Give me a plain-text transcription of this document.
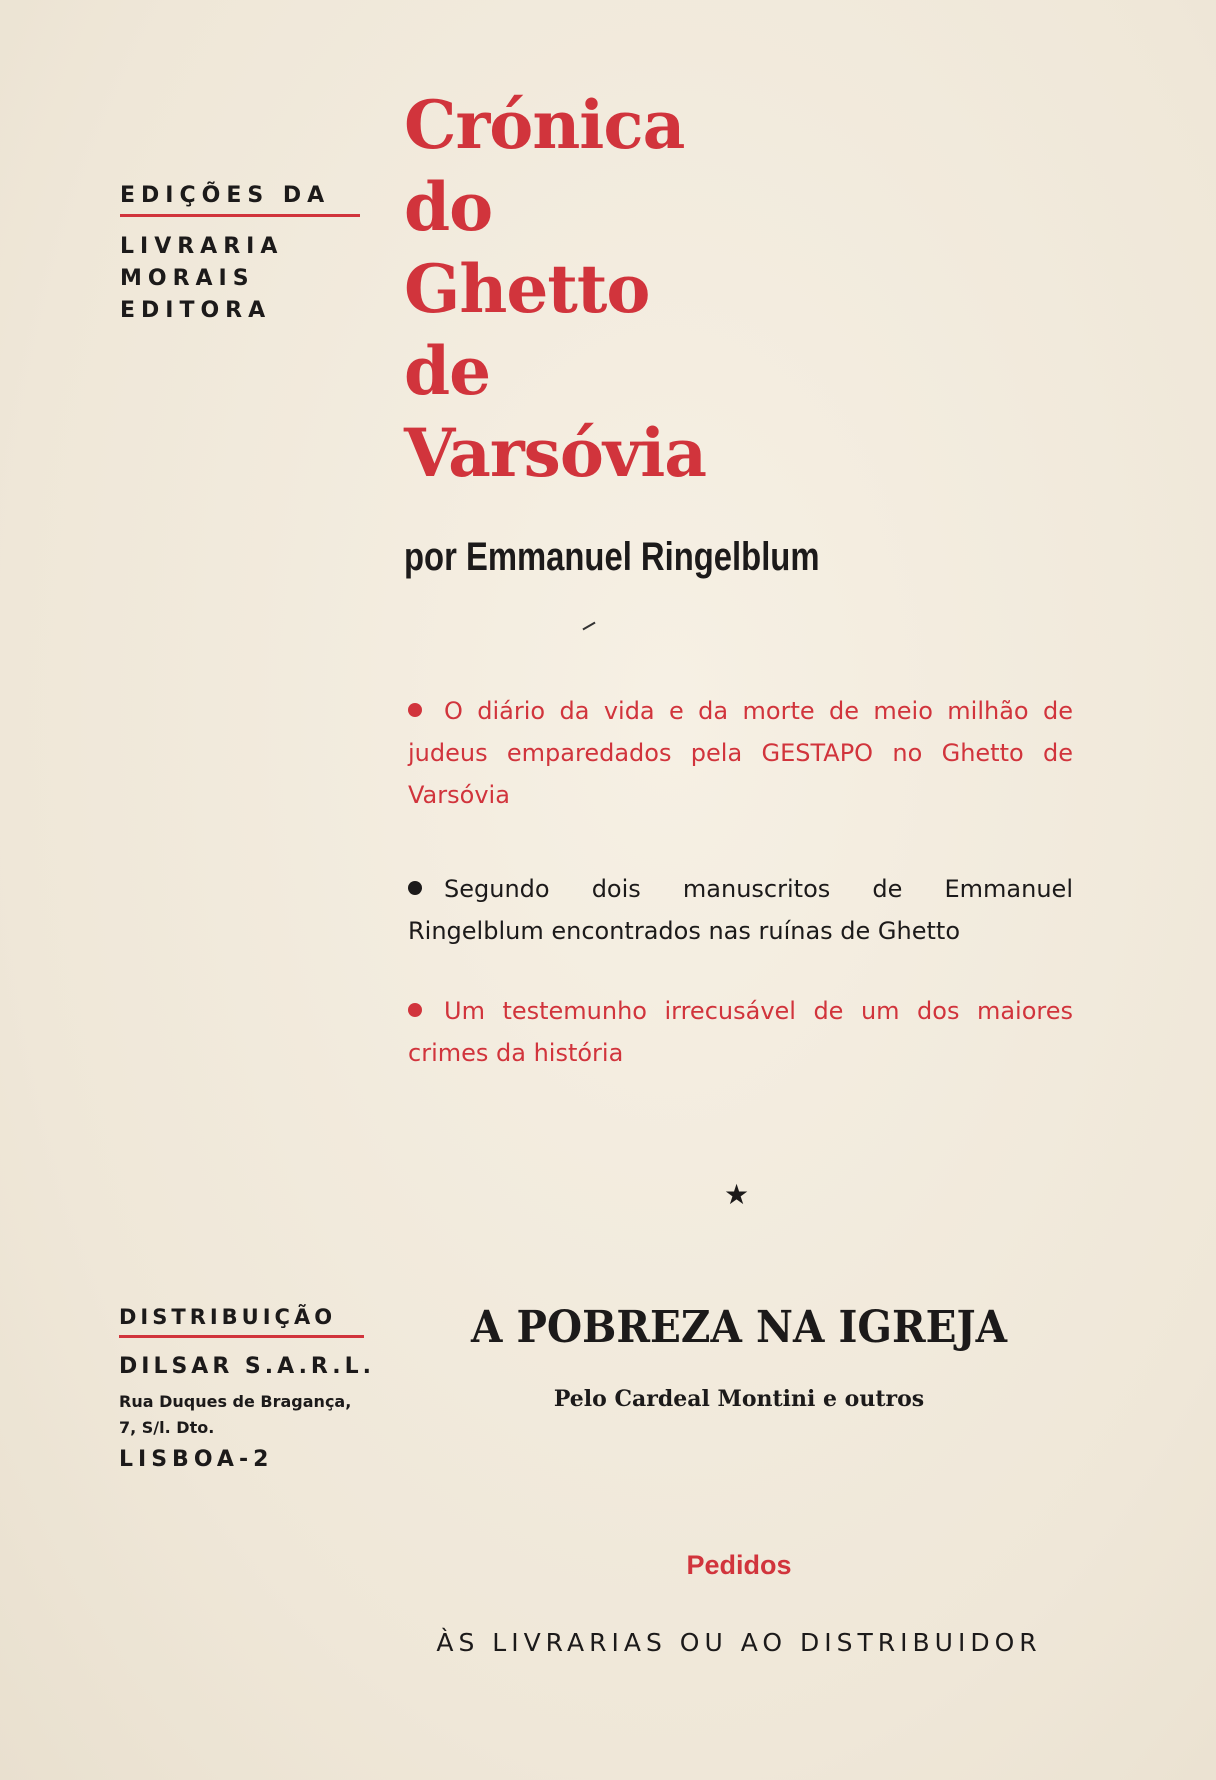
EDIÇÕES DA
LIVRARIA
MORAIS
EDITORA
Crónica
do
Ghetto
de
Varsóvia
por Emmanuel Ringelblum
O diário da vida e da morte de meio milhão de judeus emparedados pela GESTAPO no Ghetto de Varsóvia
Segundo dois manuscritos de Emmanuel Ringelblum encontrados nas ruínas de Ghetto
Um testemunho irrecusável de um dos maiores crimes da história
★
DISTRIBUIÇÃO
DILSAR S.A.R.L.
Rua Duques de Bragança,
7, S/l. Dto.
LISBOA-2
A POBREZA NA IGREJA
Pelo Cardeal Montini e outros
Pedidos
ÀS LIVRARIAS OU AO DISTRIBUIDOR
